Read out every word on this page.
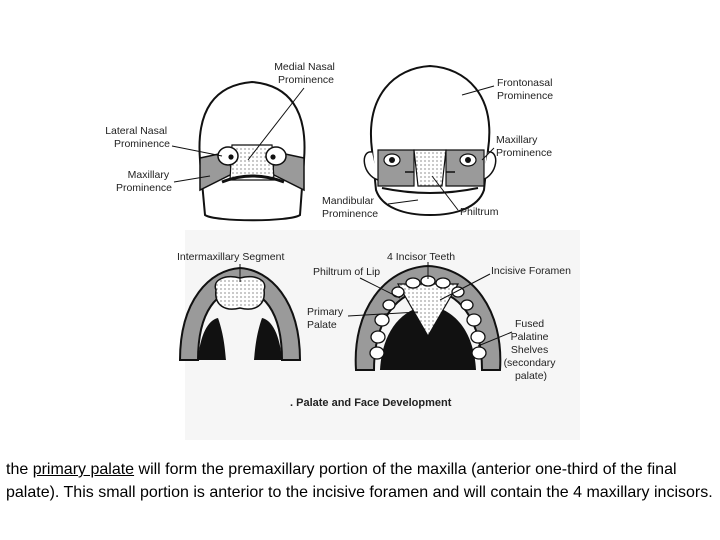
Medial Nasal Prominence
Lateral Nasal Prominence
Maxillary Prominence
Frontonasal Prominence
Maxillary Prominence
Mandibular Prominence	Philtrum
Intermaxillary Segment	4 Incisor Teeth
Philtrum of Lip	Incisive Foramen
Primary Palate	Fused Palatine Shelves (secondary palate)
. Palate and Face Development
the primary palate will form the premaxillary portion of the maxilla (anterior one-third of the final palate). This small portion is anterior to the incisive foramen and will contain the 4 maxillary incisors.
